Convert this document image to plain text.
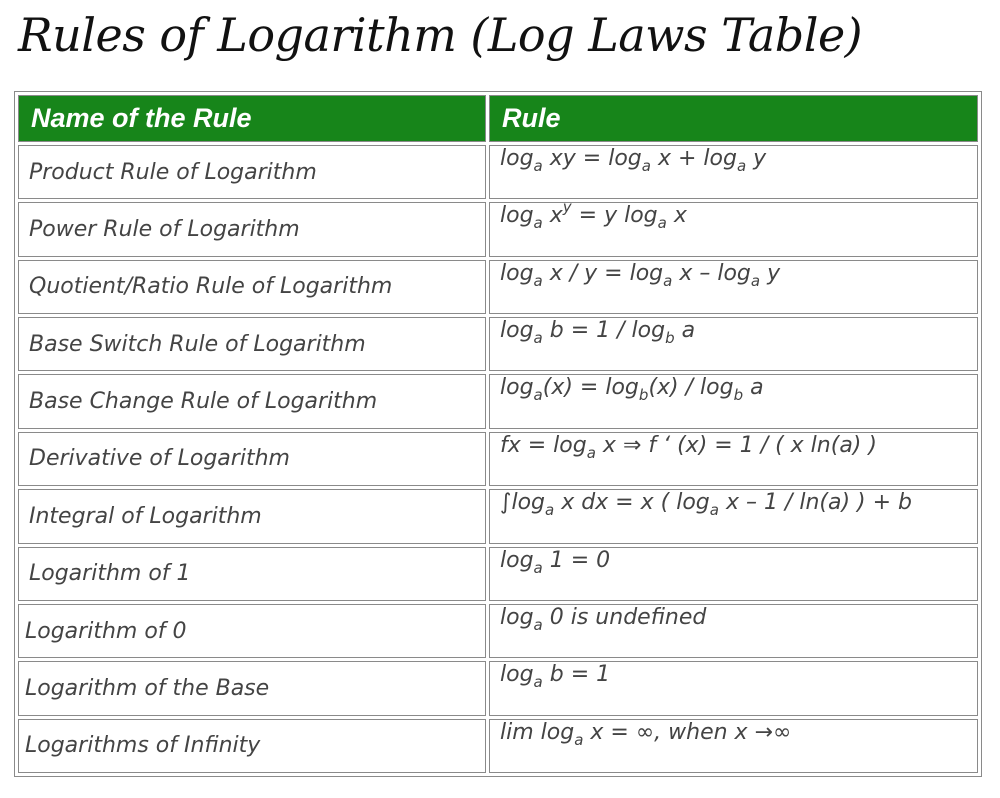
Rules of Logarithm (Log Laws Table)
Name of the Rule	Rule
Product Rule of Logarithm	$\log_a$ xy = $\log_a x + \log_a y$
Power Rule of Logarithm	$\log_a x^y = y$ $\log_a x$
Quotient/Ratio Rule of Logarithm	$\log_a x / y = \log_a x - \log_a y$
Base Switch Rule of Logarithm	$\log_a b = 1 / \log_b a$
Base Change Rule of Logarithm	$\log_a(x) = \log_b(x) / \log_b a$
Derivative of Logarithm	fx = $\log_a x$ ⇒ f ‘ (x) = 1 / ( x ln(a) )
Integral of Logarithm	$\int\log_a$ x dx = x ( $\log_a x - 1 / \ln(a)$ ) + b
Logarithm of 1	$\log_a 1 = 0$
Logarithm of 0	$\log_a 0$ is undefined
Logarithm of the Base	$\log_a b = 1$
Logarithms of Infinity	$\lim \log_a x$ = ∞, when x →∞
